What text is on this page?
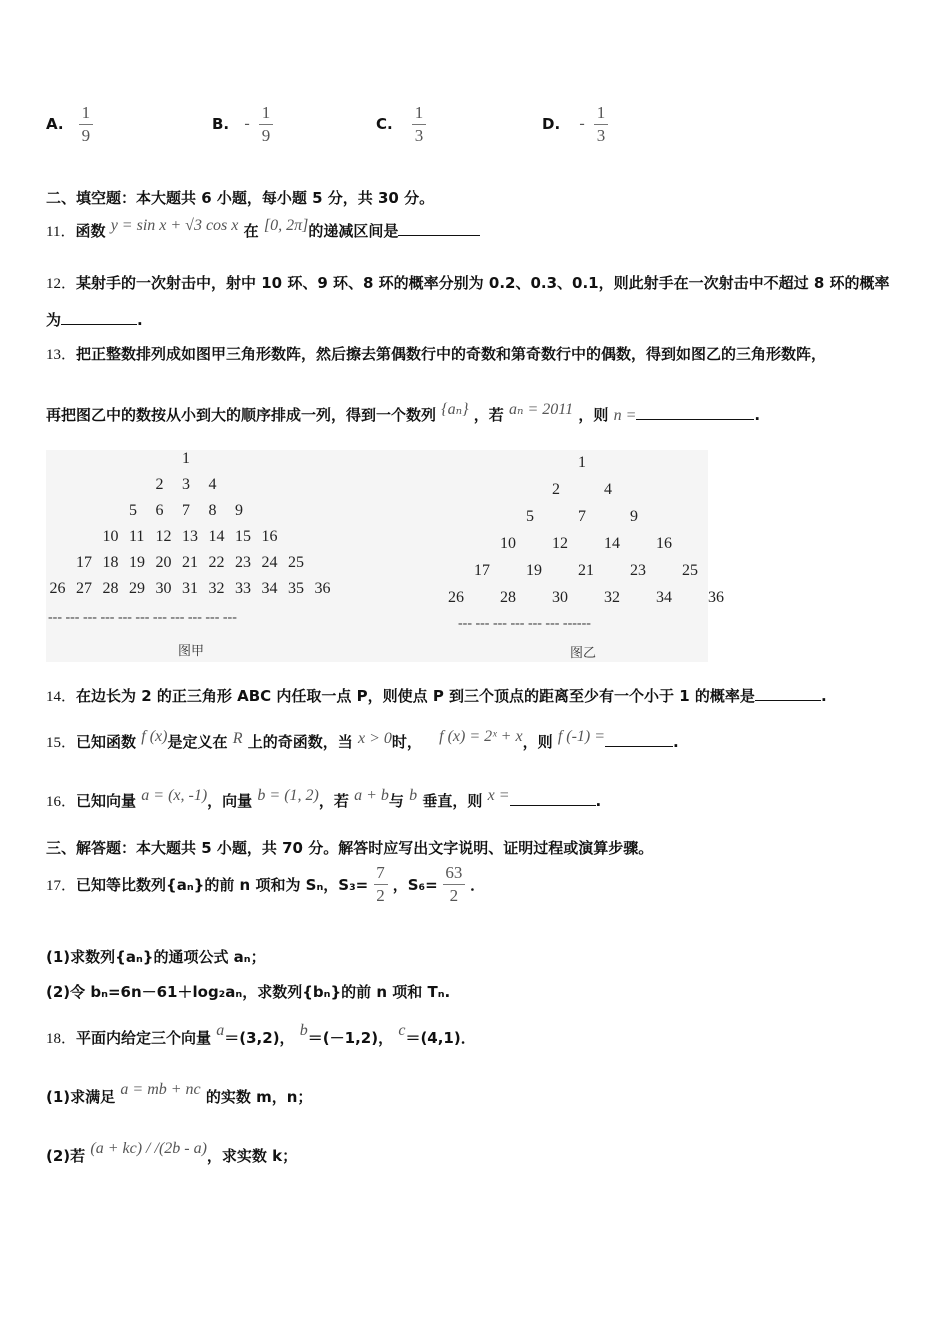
A. $\frac{1}{9}$	B. - $\frac{1}{9}$	C. $\frac{1}{3}$	D. - $\frac{1}{3}$
二、填空题：本大题共 6 小题，每小题 5 分，共 30 分。
11．函数 y = sin x + √3 cos x 在 [0, 2π]的递减区间是
12．某射手的一次射击中，射中 10 环、9 环、8 环的概率分别为 0.2、0.3、0.1，则此射手在一次射击中不超过 8 环的概率
为	.
13．把正整数排列成如图甲三角形数阵，然后擦去第偶数行中的奇数和第奇数行中的偶数，得到如图乙的三角形数阵，
再把图乙中的数按从小到大的顺序排成一列，得到一个数列 {aₙ} ，若 aₙ = 2011 ，则 n =	.
1
2 3 4
5 6 7 8 9
10 11 12 13 14 15 16
17 18 19 20 21 22 23 24 25
26 27 28 29 30 31 32 33 34 35 36
1
2	4
5	7	9
10 12 14 16
17 19 21 23 25
26 28 30 32 34 36
--- --- --- --- --- --- --- --- --- --- ---	--- --- --- --- --- --- ------
图甲	图乙
14．在边长为 2 的正三角形 ABC 内任取一点 P，则使点 P 到三个顶点的距离至少有一个小于 1 的概率是	.
15．已知函数 f (x)是定义在 R 上的奇函数，当 x > 0时， f (x) = 2ˣ + x，则 f (-1) =	.
16．已知向量 a = (x, -1)，向量 b = (1, 2)，若 a + b与 b 垂直，则 x =	.
三、解答题：本大题共 5 小题，共 70 分。解答时应写出文字说明、证明过程或演算步骤。
17．已知等比数列{aₙ}的前 n 项和为 Sₙ，$S_3= \frac{7}{2}$ ，$S_6= \frac{63}{2}$ ．
(1)求数列{aₙ}的通项公式 aₙ；
(2)令 bₙ=6n－61＋log₂aₙ，求数列{bₙ}的前 n 项和 Tₙ.
18．平面内给定三个向量 a＝(3,2)， b＝(－1,2)， c＝(4,1)．
(1)求满足 a = mb + nc 的实数 m，n；
(2)若 (a + kc) / /(2b - a)，求实数 k；
